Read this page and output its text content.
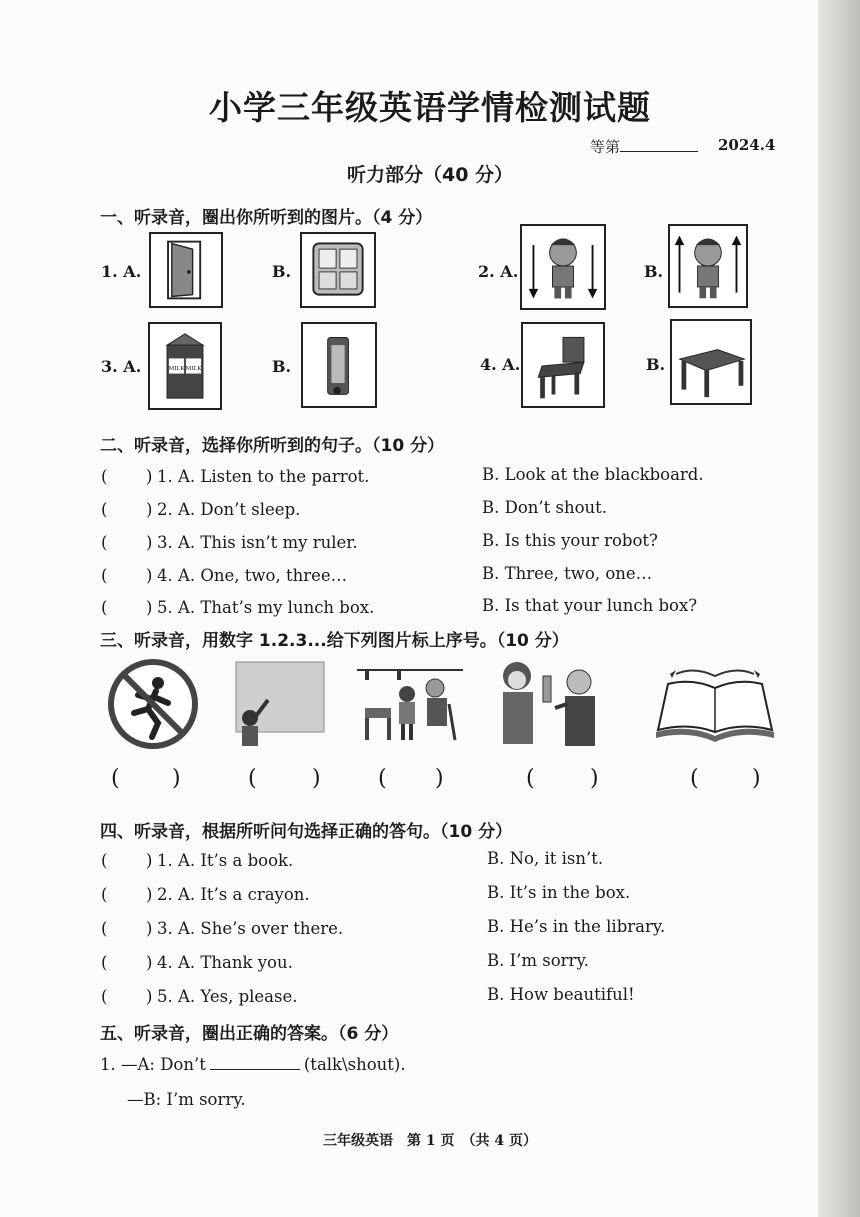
小学三年级英语学情检测试题
等第	2024.4
听力部分（40 分）
一、听录音，圈出你所听到的图片。（4 分）
1. A.	B.	2. A.	B.
3. A.	MILK MILK	B.	4. A.	B.
二、听录音，选择你所听到的句子。（10 分）
( ) 1. A. Listen to the parrot.	B. Look at the blackboard.
( ) 2. A. Don’t sleep.	B. Don’t shout.
( ) 3. A. This isn’t my ruler.	B. Is this your robot?
( ) 4. A. One, two, three…	B. Three, two, one…
( ) 5. A. That’s my lunch box.	B. Is that your lunch box?
三、听录音，用数字 1.2.3...给下列图片标上序号。（10 分）
( )	(	)	( )	(	)	( )
四、听录音，根据所听问句选择正确的答句。（10 分）
( ) 1. A. It’s a book.	B. No, it isn’t.
( ) 2. A. It’s a crayon.	B. It’s in the box.
( ) 3. A. She’s over there.	B. He’s in the library.
( ) 4. A. Thank you.	B. I’m sorry.
( ) 5. A. Yes, please.	B. How beautiful!
五、听录音，圈出正确的答案。（6 分）
1. —A: Don’t	(talk\shout).
—B: I’m sorry.
三年级英语　第 1 页　（共 4 页）
